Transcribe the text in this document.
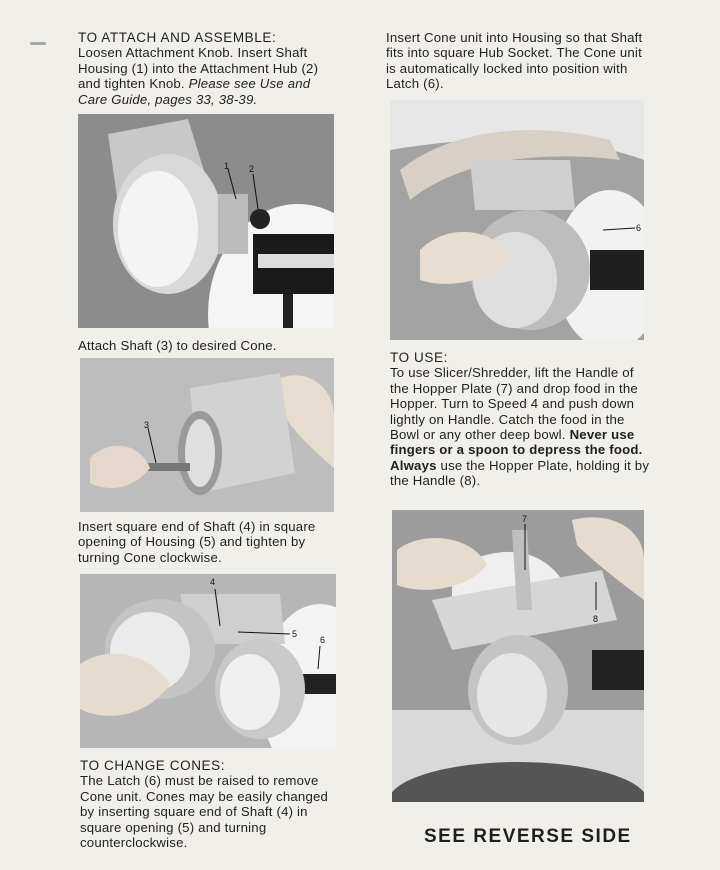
TO ATTACH AND ASSEMBLE:
Loosen Attachment Knob. Insert Shaft Housing (1) into the Attachment Hub (2) and tighten Knob. Please see Use and Care Guide, pages 33, 38-39.
Insert Cone unit into Housing so that Shaft fits into square Hub Socket. The Cone unit is automatically locked into position with Latch (6).
1 2
6
Attach Shaft (3) to desired Cone.
3
Insert square end of Shaft (4) in square opening of Housing (5) and tighten by turning Cone clockwise.
4
5
6
TO USE:
To use Slicer/Shredder, lift the Handle of the Hopper Plate (7) and drop food in the Hopper. Turn to Speed 4 and push down lightly on Handle. Catch the food in the Bowl or any other deep bowl. Never use fingers or a spoon to depress the food. Always use the Hopper Plate, holding it by the Handle (8).
7
8
TO CHANGE CONES:
The Latch (6) must be raised to remove Cone unit. Cones may be easily changed by inserting square end of Shaft (4) in square opening (5) and turning counterclockwise.	SEE REVERSE SIDE
